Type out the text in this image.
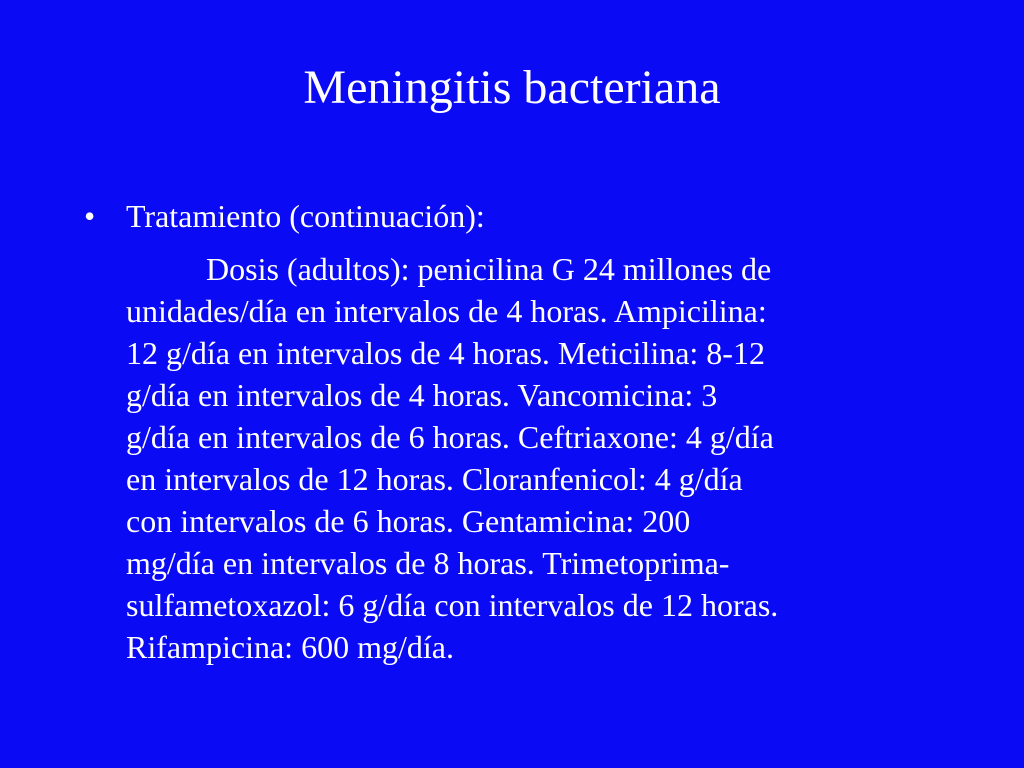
Meningitis bacteriana
• Tratamiento (continuación):
Dosis (adultos): penicilina G 24 millones de
unidades/día en intervalos de 4 horas. Ampicilina:
12 g/día en intervalos de 4 horas. Meticilina: 8-12
g/día en intervalos de 4 horas. Vancomicina: 3
g/día en intervalos de 6 horas. Ceftriaxone: 4 g/día
en intervalos de 12 horas. Cloranfenicol: 4 g/día
con intervalos de 6 horas. Gentamicina: 200
mg/día en intervalos de 8 horas. Trimetoprima-
sulfametoxazol: 6 g/día con intervalos de 12 horas.
Rifampicina: 600 mg/día.
